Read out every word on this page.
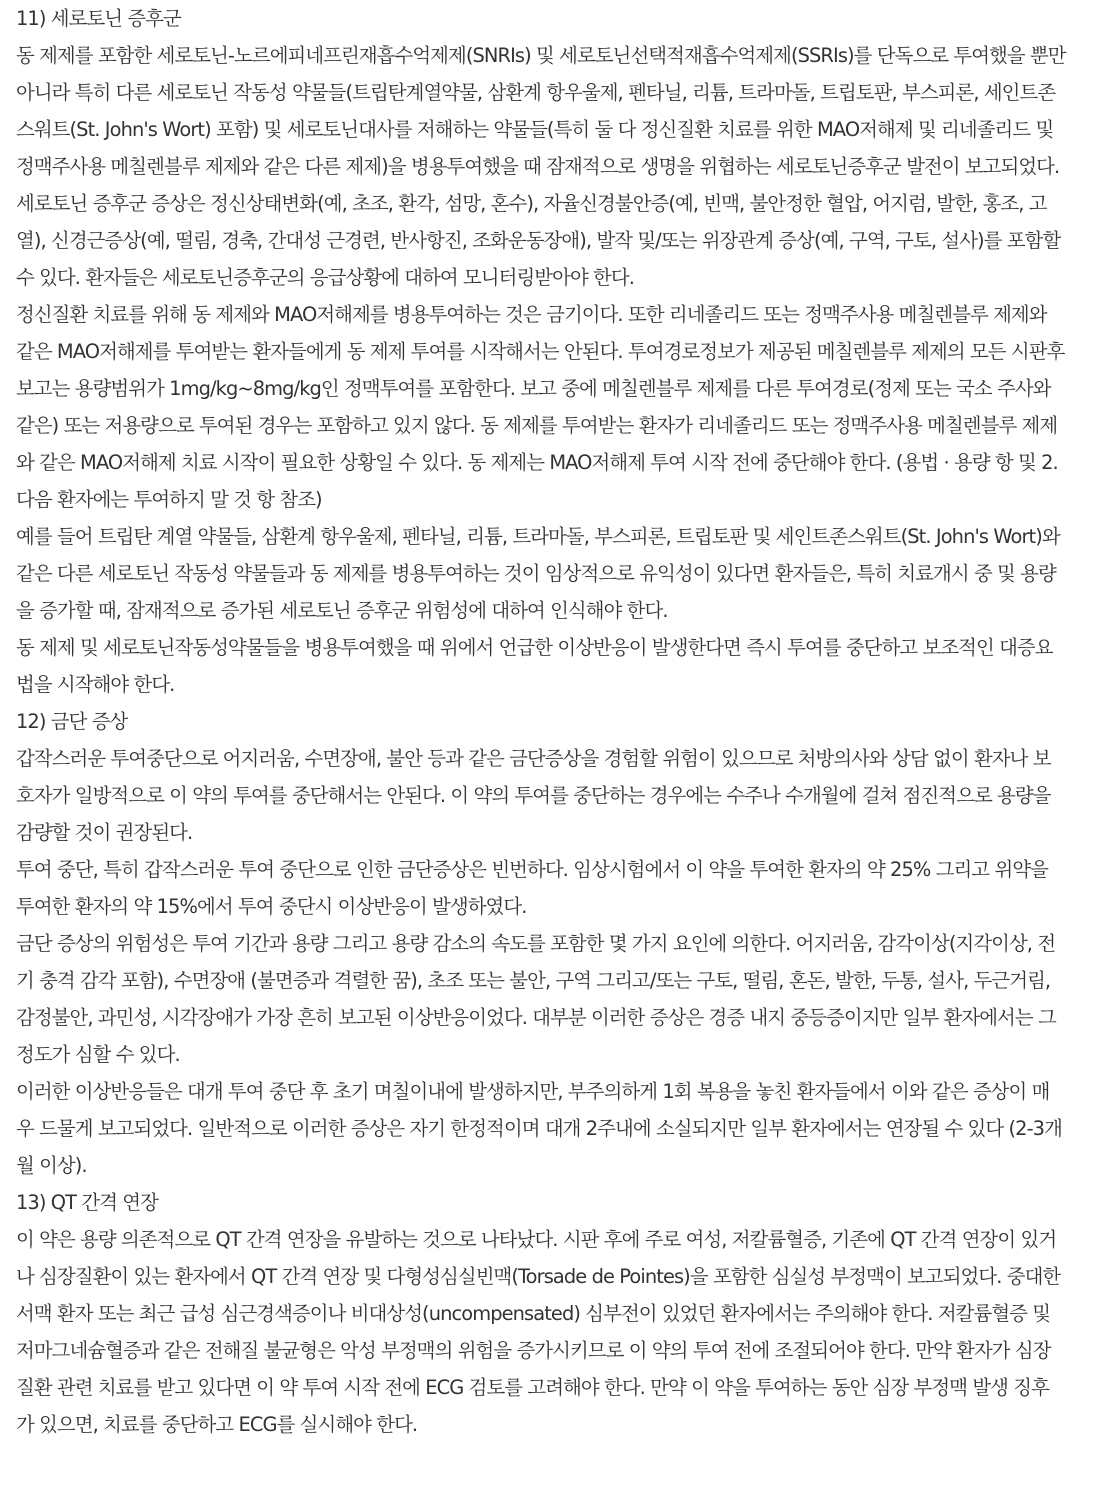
11) 세로토닌 증후군

동 제제를 포함한 세로토닌-노르에피네프린재흡수억제제(SNRIs) 및 세로토닌선택적재흡수억제제(SSRIs)를 단독으로 투여했을 뿐만 아니라 특히 다른 세로토닌 작동성 약물들(트립탄계열약물, 삼환계 항우울제, 펜타닐, 리튬, 트라마돌, 트립토판, 부스피론, 세인트존스워트(St. John's Wort) 포함) 및 세로토닌대사를 저해하는 약물들(특히 둘 다 정신질환 치료를 위한 MAO저해제 및 리네졸리드 및 정맥주사용 메칠렌블루 제제와 같은 다른 제제)을 병용투여했을 때 잠재적으로 생명을 위협하는 세로토닌증후군 발전이 보고되었다.

세로토닌 증후군 증상은 정신상태변화(예, 초조, 환각, 섬망, 혼수), 자율신경불안증(예, 빈맥, 불안정한 혈압, 어지럼, 발한, 홍조, 고열), 신경근증상(예, 떨림, 경축, 간대성 근경련, 반사항진, 조화운동장애), 발작 및/또는 위장관계 증상(예, 구역, 구토, 설사)를 포함할 수 있다. 환자들은 세로토닌증후군의 응급상황에 대하여 모니터링받아야 한다.

정신질환 치료를 위해 동 제제와 MAO저해제를 병용투여하는 것은 금기이다. 또한 리네졸리드 또는 정맥주사용 메칠렌블루 제제와 같은 MAO저해제를 투여받는 환자들에게 동 제제 투여를 시작해서는 안된다. 투여경로정보가 제공된 메칠렌블루 제제의 모든 시판후 보고는 용량범위가 1mg/kg~8mg/kg인 정맥투여를 포함한다. 보고 중에 메칠렌블루 제제를 다른 투여경로(정제 또는 국소 주사와 같은) 또는 저용량으로 투여된 경우는 포함하고 있지 않다. 동 제제를 투여받는 환자가 리네졸리드 또는 정맥주사용 메칠렌블루 제제와 같은 MAO저해제 치료 시작이 필요한 상황일 수 있다. 동 제제는 MAO저해제 투여 시작 전에 중단해야 한다. (용법 · 용량 항 및 2. 다음 환자에는 투여하지 말 것 항 참조)

예를 들어 트립탄 계열 약물들, 삼환계 항우울제, 펜타닐, 리튬, 트라마돌, 부스피론, 트립토판 및 세인트존스워트(St. John's Wort)와 같은 다른 세로토닌 작동성 약물들과 동 제제를 병용투여하는 것이 임상적으로 유익성이 있다면 환자들은, 특히 치료개시 중 및 용량을 증가할 때, 잠재적으로 증가된 세로토닌 증후군 위험성에 대하여 인식해야 한다.

동 제제 및 세로토닌작동성약물들을 병용투여했을 때 위에서 언급한 이상반응이 발생한다면 즉시 투여를 중단하고 보조적인 대증요법을 시작해야 한다.

12) 금단 증상

갑작스러운 투여중단으로 어지러움, 수면장애, 불안 등과 같은 금단증상을 경험할 위험이 있으므로 처방의사와 상담 없이 환자나 보호자가 일방적으로 이 약의 투여를 중단해서는 안된다. 이 약의 투여를 중단하는 경우에는 수주나 수개월에 걸쳐 점진적으로 용량을 감량할 것이 권장된다.

투여 중단, 특히 갑작스러운 투여 중단으로 인한 금단증상은 빈번하다. 임상시험에서 이 약을 투여한 환자의 약 25% 그리고 위약을 투여한 환자의 약 15%에서 투여 중단시 이상반응이 발생하였다.

금단 증상의 위험성은 투여 기간과 용량 그리고 용량 감소의 속도를 포함한 몇 가지 요인에 의한다. 어지러움, 감각이상(지각이상, 전기 충격 감각 포함), 수면장애 (불면증과 격렬한 꿈), 초조 또는 불안, 구역 그리고/또는 구토, 떨림, 혼돈, 발한, 두통, 설사, 두근거림, 감정불안, 과민성, 시각장애가 가장 흔히 보고된 이상반응이었다. 대부분 이러한 증상은 경증 내지 중등증이지만 일부 환자에서는 그 정도가 심할 수 있다.

이러한 이상반응들은 대개 투여 중단 후 초기 며칠이내에 발생하지만, 부주의하게 1회 복용을 놓친 환자들에서 이와 같은 증상이 매우 드물게 보고되었다. 일반적으로 이러한 증상은 자기 한정적이며 대개 2주내에 소실되지만 일부 환자에서는 연장될 수 있다 (2-3개월 이상).

13) QT 간격 연장

이 약은 용량 의존적으로 QT 간격 연장을 유발하는 것으로 나타났다. 시판 후에 주로 여성, 저칼륨혈증, 기존에 QT 간격 연장이 있거나 심장질환이 있는 환자에서 QT 간격 연장 및 다형성심실빈맥(Torsade de Pointes)을 포함한 심실성 부정맥이 보고되었다. 중대한 서맥 환자 또는 최근 급성 심근경색증이나 비대상성(uncompensated) 심부전이 있었던 환자에서는 주의해야 한다. 저칼륨혈증 및 저마그네슘혈증과 같은 전해질 불균형은 악성 부정맥의 위험을 증가시키므로 이 약의 투여 전에 조절되어야 한다. 만약 환자가 심장질환 관련 치료를 받고 있다면 이 약 투여 시작 전에 ECG 검토를 고려해야 한다. 만약 이 약을 투여하는 동안 심장 부정맥 발생 징후가 있으면, 치료를 중단하고 ECG를 실시해야 한다.
